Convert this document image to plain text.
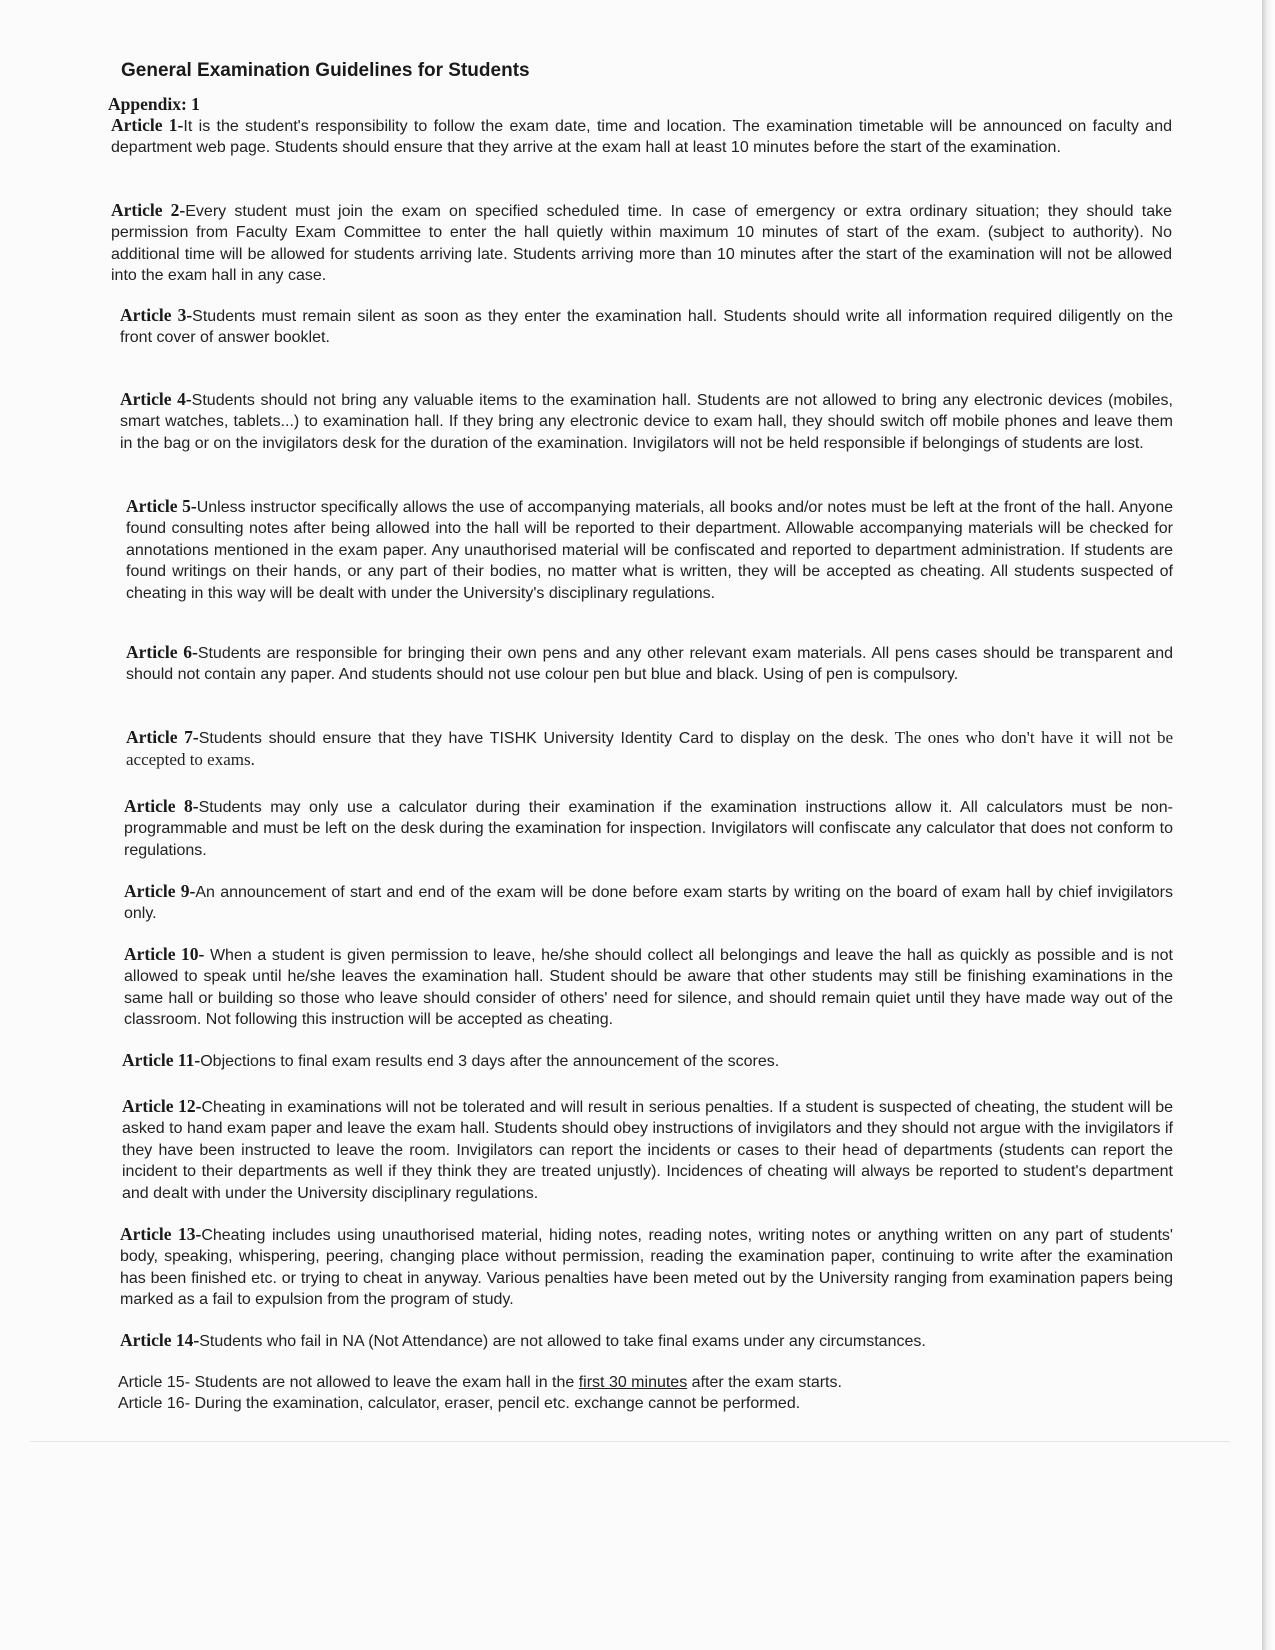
General Examination Guidelines for Students
Appendix: 1

Article 1-It is the student's responsibility to follow the exam date, time and location. The examination timetable will be announced on faculty and department web page. Students should ensure that they arrive at the exam hall at least 10 minutes before the start of the examination.

Article 2-Every student must join the exam on specified scheduled time. In case of emergency or extra ordinary situation; they should take permission from Faculty Exam Committee to enter the hall quietly within maximum 10 minutes of start of the exam. (subject to authority). No additional time will be allowed for students arriving late. Students arriving more than 10 minutes after the start of the examination will not be allowed into the exam hall in any case.

Article 3-Students must remain silent as soon as they enter the examination hall. Students should write all information required diligently on the front cover of answer booklet.

Article 4-Students should not bring any valuable items to the examination hall. Students are not allowed to bring any electronic devices (mobiles, smart watches, tablets...) to examination hall. If they bring any electronic device to exam hall, they should switch off mobile phones and leave them in the bag or on the invigilators desk for the duration of the examination. Invigilators will not be held responsible if belongings of students are lost.

Article 5-Unless instructor specifically allows the use of accompanying materials, all books and/or notes must be left at the front of the hall. Anyone found consulting notes after being allowed into the hall will be reported to their department. Allowable accompanying materials will be checked for annotations mentioned in the exam paper. Any unauthorised material will be confiscated and reported to department administration. If students are found writings on their hands, or any part of their bodies, no matter what is written, they will be accepted as cheating. All students suspected of cheating in this way will be dealt with under the University's disciplinary regulations.

Article 6-Students are responsible for bringing their own pens and any other relevant exam materials. All pens cases should be transparent and should not contain any paper. And students should not use colour pen but blue and black. Using of pen is compulsory.

Article 7-Students should ensure that they have TISHK University Identity Card to display on the desk. The ones who don't have it will not be accepted to exams.

Article 8-Students may only use a calculator during their examination if the examination instructions allow it. All calculators must be non-programmable and must be left on the desk during the examination for inspection. Invigilators will confiscate any calculator that does not conform to regulations.

Article 9-An announcement of start and end of the exam will be done before exam starts by writing on the board of exam hall by chief invigilators only.

Article 10- When a student is given permission to leave, he/she should collect all belongings and leave the hall as quickly as possible and is not allowed to speak until he/she leaves the examination hall. Student should be aware that other students may still be finishing examinations in the same hall or building so those who leave should consider of others' need for silence, and should remain quiet until they have made way out of the classroom. Not following this instruction will be accepted as cheating.

Article 11-Objections to final exam results end 3 days after the announcement of the scores.

Article 12-Cheating in examinations will not be tolerated and will result in serious penalties. If a student is suspected of cheating, the student will be asked to hand exam paper and leave the exam hall. Students should obey instructions of invigilators and they should not argue with the invigilators if they have been instructed to leave the room. Invigilators can report the incidents or cases to their head of departments (students can report the incident to their departments as well if they think they are treated unjustly). Incidences of cheating will always be reported to student's department and dealt with under the University disciplinary regulations.

Article 13-Cheating includes using unauthorised material, hiding notes, reading notes, writing notes or anything written on any part of students' body, speaking, whispering, peering, changing place without permission, reading the examination paper, continuing to write after the examination has been finished etc. or trying to cheat in anyway. Various penalties have been meted out by the University ranging from examination papers being marked as a fail to expulsion from the program of study.

Article 14-Students who fail in NA (Not Attendance) are not allowed to take final exams under any circumstances.

Article 15- Students are not allowed to leave the exam hall in the first 30 minutes after the exam starts.

Article 16- During the examination, calculator, eraser, pencil etc. exchange cannot be performed.
